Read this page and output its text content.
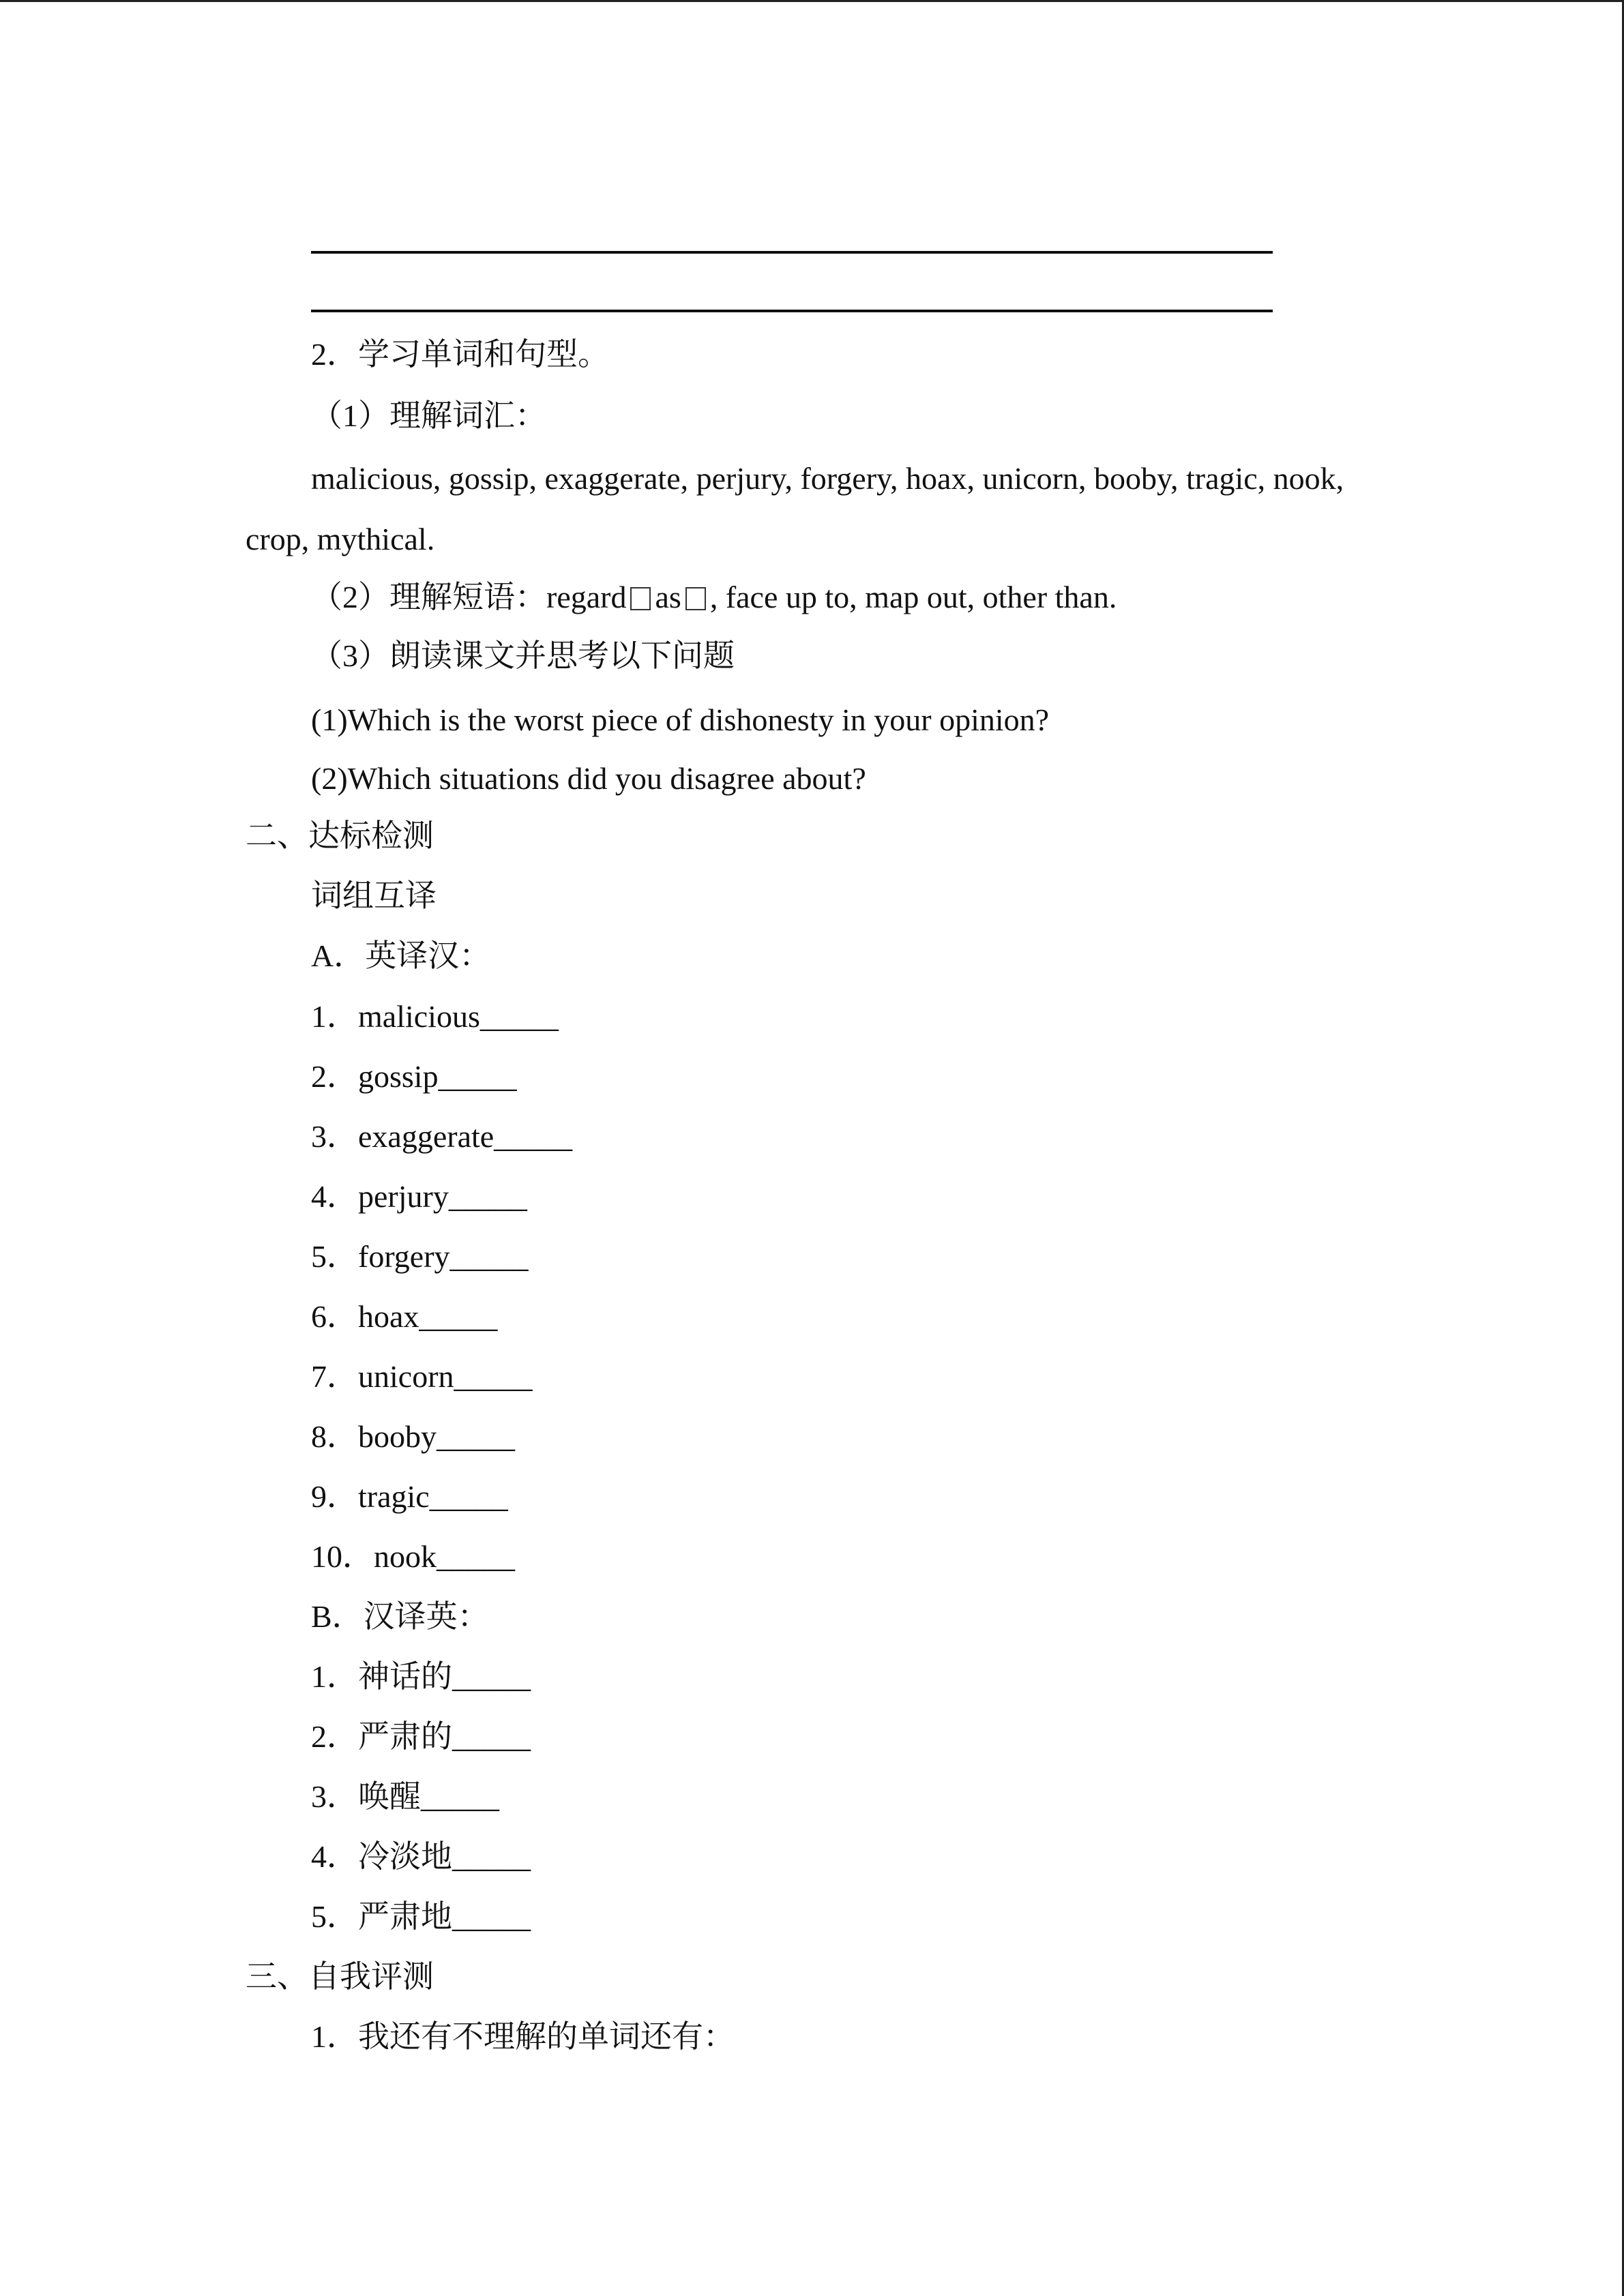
2．学习单词和句型。
（1）理解词汇：
malicious, gossip, exaggerate, perjury, forgery, hoax, unicorn, booby, tragic, nook,
crop, mythical.
（2）理解短语：regard as , face up to, map out, other than.
（3）朗读课文并思考以下问题
(1)Which is the worst piece of dishonesty in your opinion?
(2)Which situations did you disagree about?
二、达标检测
词组互译
A．英译汉：
1．malicious_____
2．gossip_____
3．exaggerate_____
4．perjury_____
5．forgery_____
6．hoax_____
7．unicorn_____
8．booby_____
9．tragic_____
10．nook_____
B．汉译英：
1．神话的_____
2．严肃的_____
3．唤醒_____
4．冷淡地_____
5．严肃地_____
三、自我评测
1．我还有不理解的单词还有：
